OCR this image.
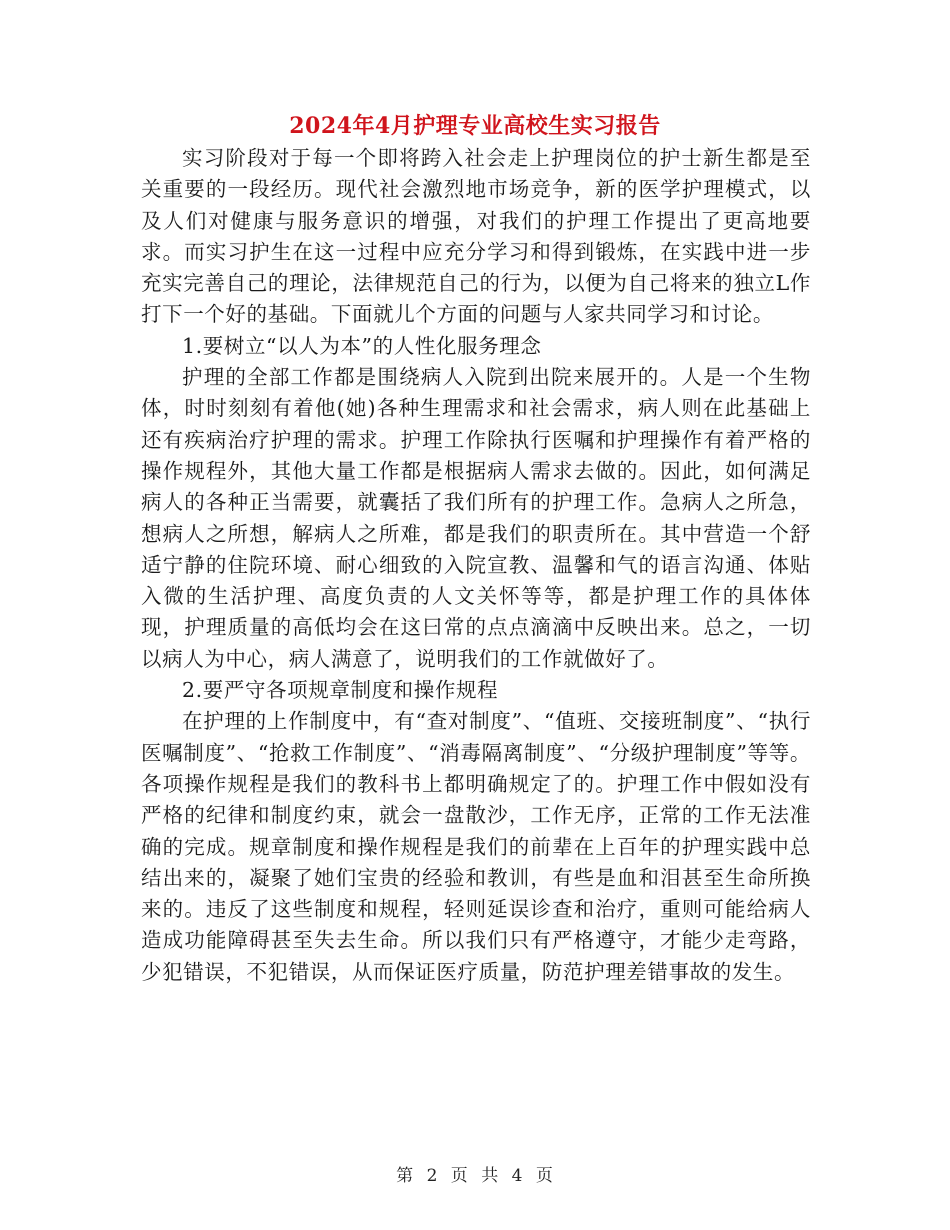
2024年4月护理专业高校生实习报告

实习阶段对于每一个即将跨入社会走上护理岗位的护士新生都是至关重要的一段经历。现代社会激烈地市场竞争，新的医学护理模式，以及人们对健康与服务意识的增强，对我们的护理工作提出了更高地要求。而实习护生在这一过程中应充分学习和得到锻炼，在实践中进一步充实完善自己的理论，法律规范自己的行为，以便为自己将来的独立L作打下一个好的基础。下面就儿个方面的问题与人家共同学习和讨论。

1.要树立“以人为本”的人性化服务理念

护理的全部工作都是围绕病人入院到出院来展开的。人是一个生物体，时时刻刻有着他(她)各种生理需求和社会需求，病人则在此基础上还有疾病治疗护理的需求。护理工作除执行医嘱和护理操作有着严格的操作规程外，其他大量工作都是根据病人需求去做的。因此，如何满足病人的各种正当需要，就囊括了我们所有的护理工作。急病人之所急，想病人之所想，解病人之所难，都是我们的职责所在。其中营造一个舒适宁静的住院环境、耐心细致的入院宣教、温馨和气的语言沟通、体贴入微的生活护理、高度负责的人文关怀等等，都是护理工作的具体体现，护理质量的高低均会在这曰常的点点滴滴中反映出来。总之，一切以病人为中心，病人满意了，说明我们的工作就做好了。

2.要严守各项规章制度和操作规程

在护理的上作制度中，有“查对制度”、“值班、交接班制度”、“执行医嘱制度”、“抢救工作制度”、“消毒隔离制度”、“分级护理制度”等等。各项操作规程是我们的教科书上都明确规定了的。护理工作中假如没有严格的纪律和制度约束，就会一盘散沙，工作无序，正常的工作无法准确的完成。规章制度和操作规程是我们的前辈在上百年的护理实践中总结出来的，凝聚了她们宝贵的经验和教训，有些是血和泪甚至生命所换来的。违反了这些制度和规程，轻则延误诊查和治疗，重则可能给病人造成功能障碍甚至失去生命。所以我们只有严格遵守，才能少走弯路，少犯错误，不犯错误，从而保证医疗质量，防范护理差错事故的发生。

第 2 页 共 4 页
